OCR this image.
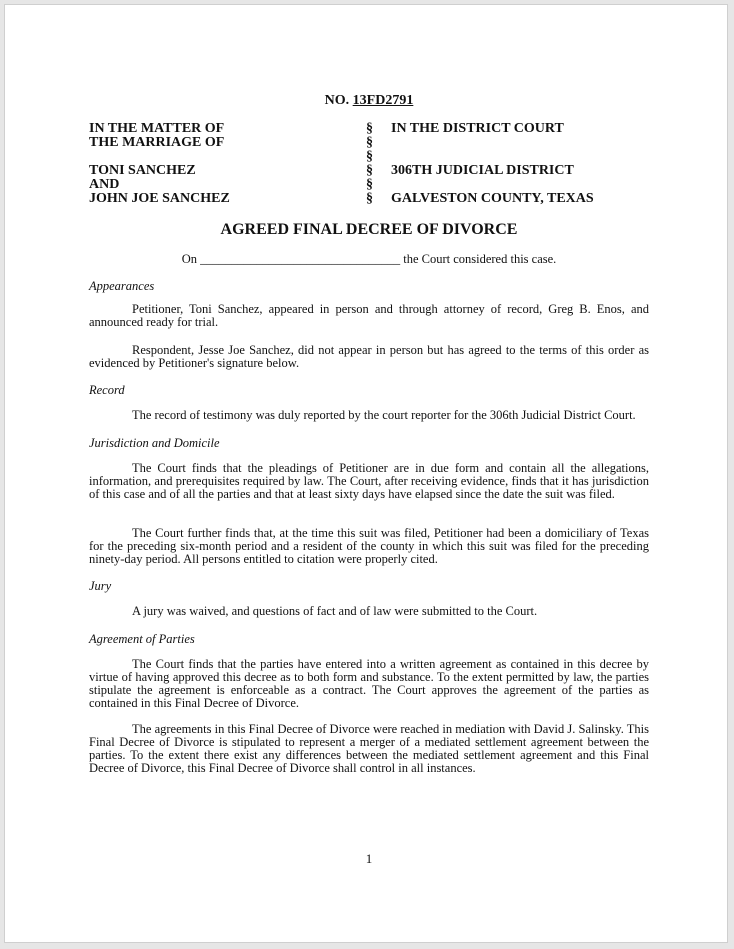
NO. 13FD2791
IN THE MATTER OF	§ IN THE DISTRICT COURT
THE MARRIAGE OF	§
§
TONI SANCHEZ	§ 306TH JUDICIAL DISTRICT
AND	§
JOHN JOE SANCHEZ	§ GALVESTON COUNTY, TEXAS
AGREED FINAL DECREE OF DIVORCE
On ________________________________ the Court considered this case.
Appearances

Petitioner, Toni Sanchez, appeared in person and through attorney of record, Greg B. Enos, and announced ready for trial.

Respondent, Jesse Joe Sanchez, did not appear in person but has agreed to the terms of this order as evidenced by Petitioner's signature below.

Record

The record of testimony was duly reported by the court reporter for the 306th Judicial District Court.

Jurisdiction and Domicile

The Court finds that the pleadings of Petitioner are in due form and contain all the allegations, information, and prerequisites required by law. The Court, after receiving evidence, finds that it has jurisdiction of this case and of all the parties and that at least sixty days have elapsed since the date the suit was filed.

The Court further finds that, at the time this suit was filed, Petitioner had been a domiciliary of Texas for the preceding six-month period and a resident of the county in which this suit was filed for the preceding ninety-day period. All persons entitled to citation were properly cited.

Jury

A jury was waived, and questions of fact and of law were submitted to the Court.

Agreement of Parties

The Court finds that the parties have entered into a written agreement as contained in this decree by virtue of having approved this decree as to both form and substance. To the extent permitted by law, the parties stipulate the agreement is enforceable as a contract. The Court approves the agreement of the parties as contained in this Final Decree of Divorce.

The agreements in this Final Decree of Divorce were reached in mediation with David J. Salinsky. This Final Decree of Divorce is stipulated to represent a merger of a mediated settlement agreement between the parties. To the extent there exist any differences between the mediated settlement agreement and this Final Decree of Divorce, this Final Decree of Divorce shall control in all instances.

1
